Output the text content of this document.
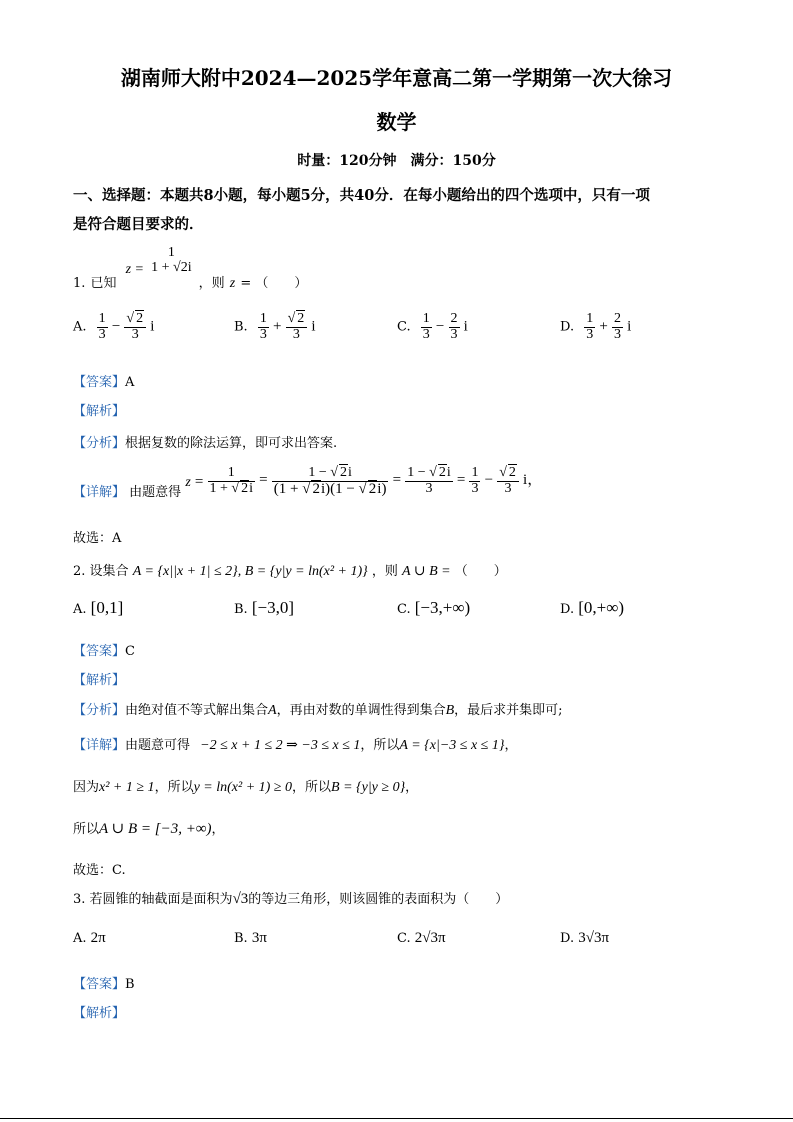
湖南师大附中2024—2025学年意高二第一学期第一次大徐习
数学
时量：120分钟　满分：150分
一、选择题：本题共8小题，每小题5分，共40分．在每小题给出的四个选项中，只有一项
是符合题目要求的．
$_{1.}$ $_{已知}$ z =
1
1 + √2i
$_{,则}$ z $_{= ( )}$
A. $\frac{1}{3} - \frac{√ 2}{3}$ i	B. $\frac{1}{3} + \frac{√ 2}{3}$ i	C. $\frac{1}{3} - \frac{2}{3}$ i	D. $\frac{1}{3} + \frac{2}{3}$ i
【答案】A
【解析】
【分析】根据复数的除法运算，即可求出答案.
【详解】 由题意得 $z = \frac{1}{1 + √ 2i} = \frac{1 - √ 2i}{(1 + √ 2i)(1 - √ 2i)} = \frac{1 - √ 2i}{3} = \frac{1}{3} - \frac{√ 2}{3}$ i，
故选：A
2. 设集合 A = {x||x + 1| ≤ 2}, B = {y|y = ln(x² + 1)} ，则 A ∪ B = （　　）
A. [0,1]	B. [−3,0]	C. [−3,+∞)	D. [0,+∞)
【答案】C
【解析】
【分析】由绝对值不等式解出集合A，再由对数的单调性得到集合B，最后求并集即可;
【详解】由题意可得 −2 ≤ x + 1 ≤ 2 ⇒ −3 ≤ x ≤ 1，所以A = {x|−3 ≤ x ≤ 1}，
因为x² + 1 ≥ 1，所以y = ln(x² + 1) ≥ 0，所以B = {y|y ≥ 0}，
所以A ∪ B = [−3, +∞)，
故选：C.
3. 若圆锥的轴截面是面积为√3的等边三角形，则该圆锥的表面积为（　　）
A. 2π	B. 3π	C. 2√3π	D. 3√3π
【答案】B
【解析】
